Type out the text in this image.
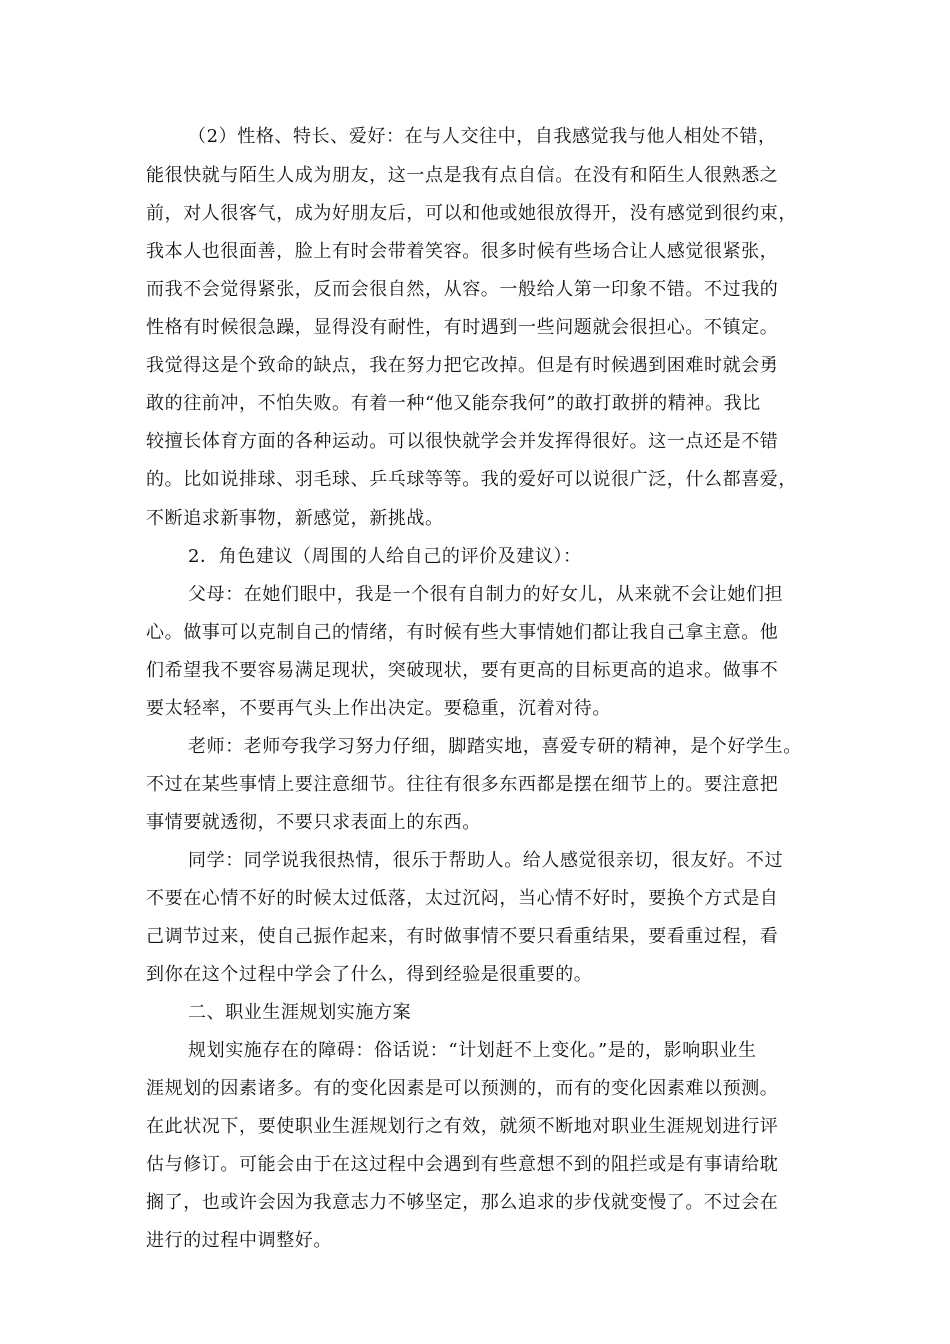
（2）性格、特长、爱好：在与人交往中，自我感觉我与他人相处不错，
能很快就与陌生人成为朋友，这一点是我有点自信。在没有和陌生人很熟悉之
前，对人很客气，成为好朋友后，可以和他或她很放得开，没有感觉到很约束，
我本人也很面善，脸上有时会带着笑容。很多时候有些场合让人感觉很紧张，
而我不会觉得紧张，反而会很自然，从容。一般给人第一印象不错。不过我的
性格有时候很急躁，显得没有耐性，有时遇到一些问题就会很担心。不镇定。
我觉得这是个致命的缺点，我在努力把它改掉。但是有时候遇到困难时就会勇
敢的往前冲，不怕失败。有着一种“他又能奈我何”的敢打敢拼的精神。我比
较擅长体育方面的各种运动。可以很快就学会并发挥得很好。这一点还是不错
的。比如说排球、羽毛球、乒乓球等等。我的爱好可以说很广泛，什么都喜爱，
不断追求新事物，新感觉，新挑战。
2．角色建议（周围的人给自己的评价及建议）：
父母：在她们眼中，我是一个很有自制力的好女儿，从来就不会让她们担
心。做事可以克制自己的情绪，有时候有些大事情她们都让我自己拿主意。他
们希望我不要容易满足现状，突破现状，要有更高的目标更高的追求。做事不
要太轻率，不要再气头上作出决定。要稳重，沉着对待。
老师：老师夸我学习努力仔细，脚踏实地，喜爱专研的精神，是个好学生。
不过在某些事情上要注意细节。往往有很多东西都是摆在细节上的。要注意把
事情要就透彻，不要只求表面上的东西。
同学：同学说我很热情，很乐于帮助人。给人感觉很亲切，很友好。不过
不要在心情不好的时候太过低落，太过沉闷，当心情不好时，要换个方式是自
己调节过来，使自己振作起来，有时做事情不要只看重结果，要看重过程，看
到你在这个过程中学会了什么，得到经验是很重要的。
二、职业生涯规划实施方案
规划实施存在的障碍：俗话说：“计划赶不上变化。”是的，影响职业生
涯规划的因素诸多。有的变化因素是可以预测的，而有的变化因素难以预测。
在此状况下，要使职业生涯规划行之有效，就须不断地对职业生涯规划进行评
估与修订。可能会由于在这过程中会遇到有些意想不到的阻拦或是有事请给耽
搁了，也或许会因为我意志力不够坚定，那么追求的步伐就变慢了。不过会在
进行的过程中调整好。
